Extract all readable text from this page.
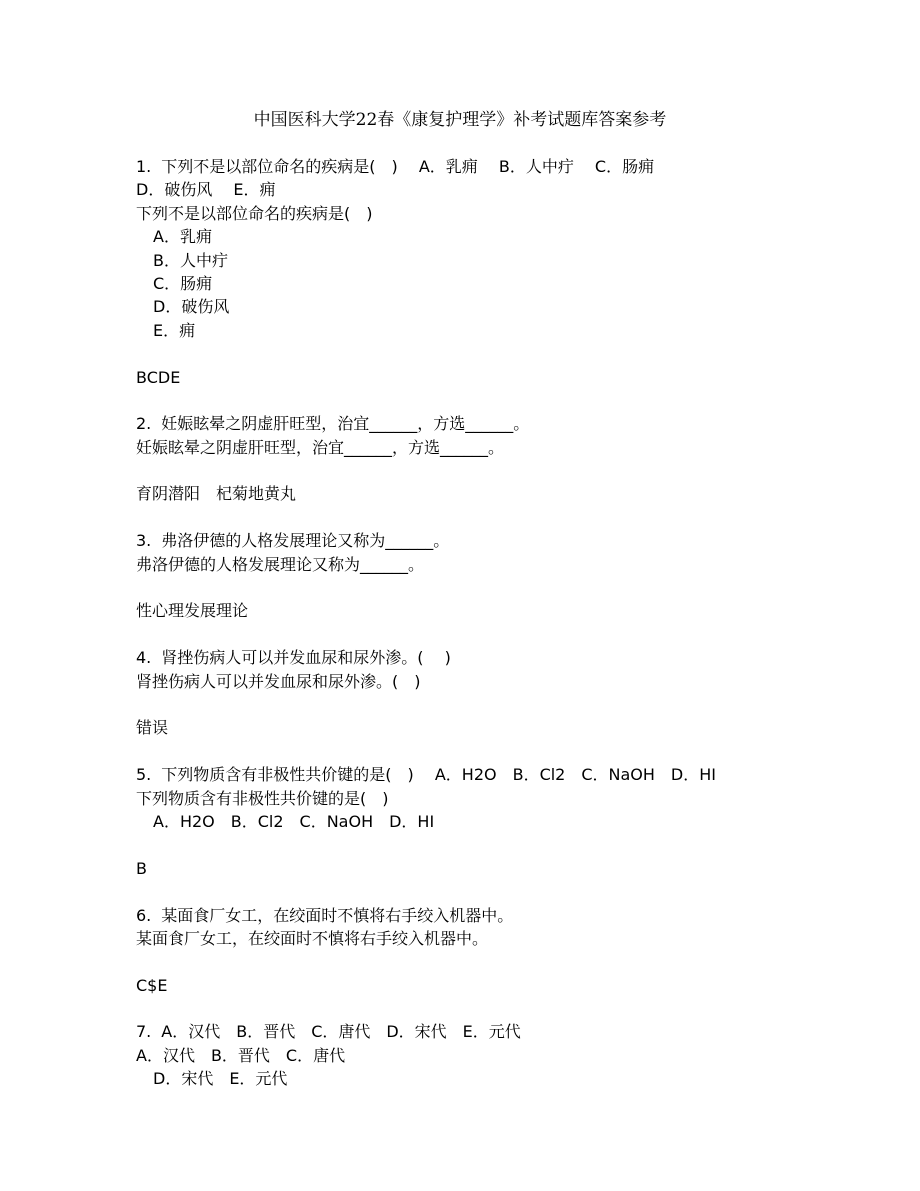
中国医科大学22春《康复护理学》补考试题库答案参考
1. 下列不是以部位命名的疾病是(　)　 A．乳痈　 B．人中疔　 C．肠痈
D．破伤风　 E．痈
下列不是以部位命名的疾病是(　)
A．乳痈
B．人中疔
C．肠痈
D．破伤风
E．痈
BCDE
2. 妊娠眩晕之阴虚肝旺型，治宜______，方选______。
妊娠眩晕之阴虚肝旺型，治宜______，方选______。
育阴潜阳　杞菊地黄丸
3. 弗洛伊德的人格发展理论又称为______。
弗洛伊德的人格发展理论又称为______。
性心理发展理论
4. 肾挫伤病人可以并发血尿和尿外渗。(　 )
肾挫伤病人可以并发血尿和尿外渗。(　)
错误
5. 下列物质含有非极性共价键的是(　)　 A．H2O　B．Cl2　C．NaOH　D．HI
下列物质含有非极性共价键的是(　)
A．H2O　B．Cl2　C．NaOH　D．HI
B
6. 某面食厂女工，在绞面时不慎将右手绞入机器中。
某面食厂女工，在绞面时不慎将右手绞入机器中。
C$E
7. A．汉代　B．晋代　C．唐代　D．宋代　E．元代
A．汉代　B．晋代　C．唐代
D．宋代　E．元代
